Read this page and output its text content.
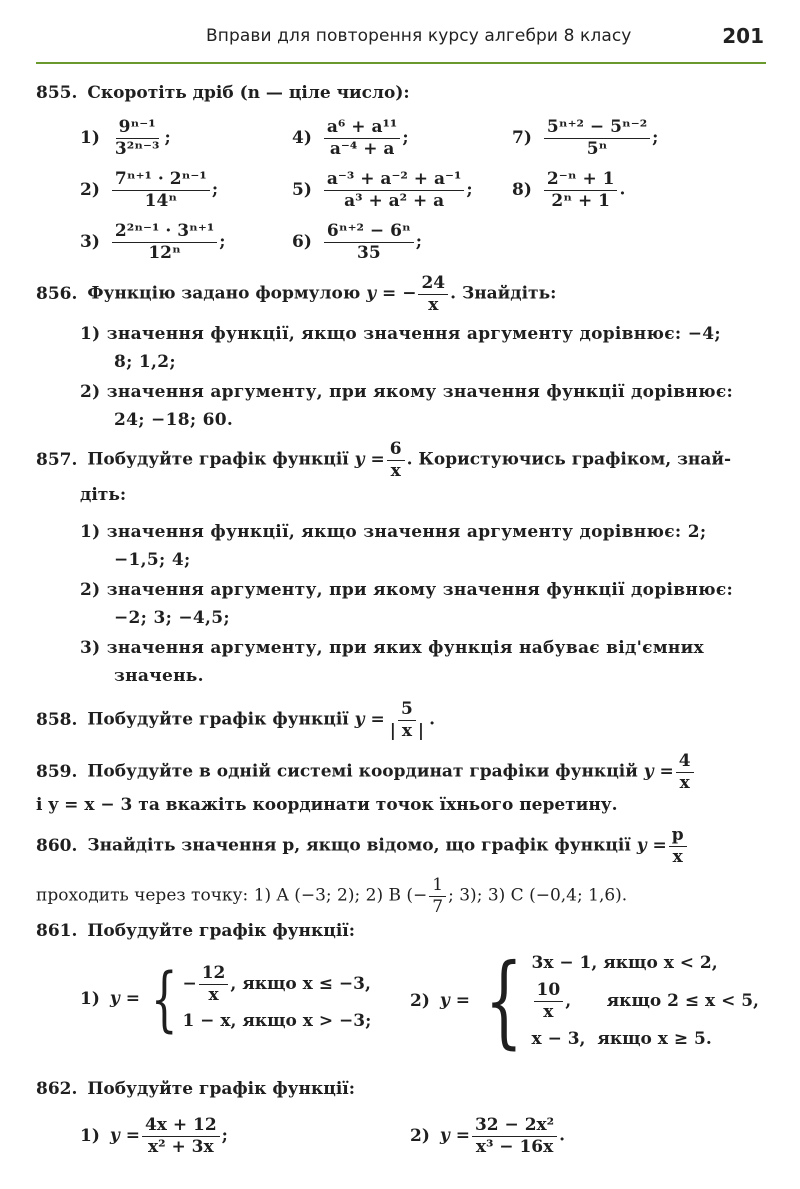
Вправи для повторення курсу алгебри 8 класу	201
855. Скоротіть дріб (n — ціле число):
$1) \frac{\text{9ⁿ⁻¹}}{\text{3²ⁿ⁻³}}$ ;
$2) \frac{\text{7ⁿ⁺¹ · 2ⁿ⁻¹}}{\text{14ⁿ}}$ ;
$3) \frac{\text{2²ⁿ⁻¹ · 3ⁿ⁺¹}}{\text{12ⁿ}}$ ;
$4) \frac{\text{a⁶ + a¹¹}}{\text{a⁻⁴ + a}}$ ;
$5) \frac{\text{a⁻³ + a⁻² + a⁻¹}}{\text{a³ + a² + a}}$ ;
$6) \frac{\text{6ⁿ⁺² − 6ⁿ}}{35}$ ;
$7) \frac{\text{5ⁿ⁺² − 5ⁿ⁻²}}{\text{5ⁿ}}$ ;
$8) \frac{\text{2⁻ⁿ + 1}}{\text{2ⁿ + 1}}$ .
856. Функцію задано формулою y = − $\frac{24}{x}$ . Знайдіть:
1) значення функції, якщо значення аргументу дорівнює: −4;
8; 1,2;
2) значення аргументу, при якому значення функції дорівнює:
24; −18; 60.
857. Побудуйте графік функції $y = \frac{6}{x}$ . Користуючись графіком, знай-
діть:
1) значення функції, якщо значення аргументу дорівнює: 2;
−1,5; 4;
2) значення аргументу, при якому значення функції дорівнює:
−2; 3; −4,5;
3) значення аргументу, при яких функція набуває від'ємних
значень.
858. Побудуйте графік функції $y = \frac{5}{| x |}$ .
859. Побудуйте в одній системі координат графіки функцій $y = \frac{4}{x}$
і y = x − 3 та вкажіть координати точок їхнього перетину.
860. Знайдіть значення p, якщо відомо, що графік функції $y = \frac{p}{x}$
проходить через точку: 1) A (−3; 2); 2) B (− $\frac{1}{7}$ ; 3); 3) C (−0,4; 1,6).
861. Побудуйте графік функції:
1) y = { − $\frac{12}{x}$ , якщо x ≤ −3,
1 − x, якщо x > −3;
2) y = { 3x − 1, якщо x < 2,
10
x
,      якщо 2 ≤ x < 5,
x − 3,  якщо x ≥ 5.
862. Побудуйте графік функції:
1) $y = \frac{4x + 12}{\text{x² + 3x}}$ ;	2) $y = \frac{\text{32 − 2x²}}{\text{x³ − 16x}}$ .
